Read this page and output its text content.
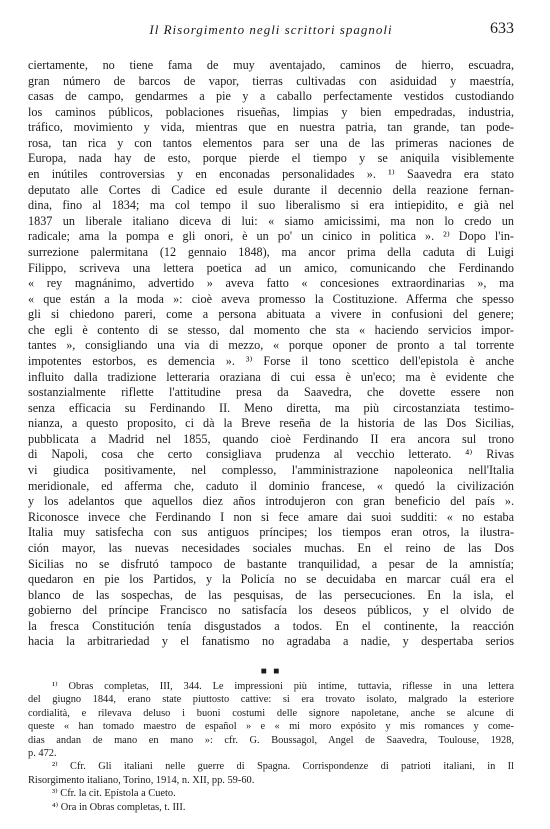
Il Risorgimento negli scrittori spagnoli	633
ciertamente, no tiene fama de muy aventajado, caminos de hierro, escuadra,
gran número de barcos de vapor, tierras cultivadas con asiduidad y maestría,
casas de campo, gendarmes a pie y a caballo perfectamente vestidos custodiando
los caminos públicos, poblaciones risueñas, limpias y bien empedradas, industria,
tráfico, movimiento y vida, mientras que en nuestra patria, tan grande, tan pode-
rosa, tan rica y con tantos elementos para ser una de las primeras naciones de
Europa, nada hay de esto, porque pierde el tiempo y se aniquila visiblemente
en inútiles controversias y en enconadas personalidades ». ¹⁾ Saavedra era stato
deputato alle Cortes di Cadice ed esule durante il decennio della reazione fernan-
dina, fino al 1834; ma col tempo il suo liberalismo si era intiepidito, e già nel
1837 un liberale italiano diceva di lui: « siamo amicissimi, ma non lo credo un
radicale; ama la pompa e gli onori, è un po' un cinico in politica ». ²⁾ Dopo l'in-
surrezione palermitana (12 gennaio 1848), ma ancor prima della caduta di Luigi
Filippo, scriveva una lettera poetica ad un amico, comunicando che Ferdinando
« rey magnánimo, advertido » aveva fatto « concesiones extraordinarias », ma
« que están a la moda »: cioè aveva promesso la Costituzione. Afferma che spesso
gli si chiedono pareri, come a persona abituata a vivere in confusioni del genere;
che egli è contento di se stesso, dal momento che sta « haciendo servicios impor-
tantes », consigliando una via di mezzo, « porque oponer de pronto a tal torrente
impotentes estorbos, es demencia ». ³⁾ Forse il tono scettico dell'epistola è anche
influito dalla tradizione letteraria oraziana di cui essa è un'eco; ma è evidente che
sostanzialmente riflette l'attitudine presa da Saavedra, che dovette essere non
senza efficacia su Ferdinando II. Meno diretta, ma più circostanziata testimo-
nianza, a questo proposito, ci dà la Breve reseña de la historia de las Dos Sicilias,
pubblicata a Madrid nel 1855, quando cioè Ferdinando II era ancora sul trono
di Napoli, cosa che certo consigliava prudenza al vecchio letterato. ⁴⁾ Rivas
vi giudica positivamente, nel complesso, l'amministrazione napoleonica nell'Italia
meridionale, ed afferma che, caduto il dominio francese, « quedó la civilización
y los adelantos que aquellos diez años introdujeron con gran beneficio del país ».
Riconosce invece che Ferdinando I non si fece amare dai suoi sudditi: « no estaba
Italia muy satisfecha con sus antiguos príncipes; los tiempos eran otros, la ilustra-
ción mayor, las nuevas necesidades sociales muchas. En el reino de las Dos
Sicilias no se disfrutó tampoco de bastante tranquilidad, a pesar de la amnistía;
quedaron en pie los Partidos, y la Policía no se decuidaba en marcar cuál era el
blanco de las sospechas, de las pesquisas, de las persecuciones. En la isla, el
gobierno del príncipe Francisco no satisfacía los deseos públicos, y el olvido de
la fresca Constitución tenía disgustados a todos. En el continente, la reacción
hacia la arbitrariedad y el fanatismo no agradaba a nadie, y despertaba serios
■ ■
¹⁾ Obras completas, III, 344. Le impressioni più intime, tuttavia, riflesse in una lettera
del giugno 1844, erano state piuttosto cattive: si era trovato isolato, malgrado la esteriore
cordialità, e rilevava deluso i buoni costumi delle signore napoletane, anche se alcune di
queste « han tomado maestro de español » e « mi moro expósito y mis romances y come-
dias andan de mano en mano »: cfr. G. Boussagol, Angel de Saavedra, Toulouse, 1928,
p. 472.
²⁾ Cfr. Gli italiani nelle guerre di Spagna. Corrispondenze di patrioti italiani, in Il
Risorgimento italiano, Torino, 1914, n. XII, pp. 59-60.
³⁾ Cfr. la cit. Epístola a Cueto.
⁴⁾ Ora in Obras completas, t. III.
